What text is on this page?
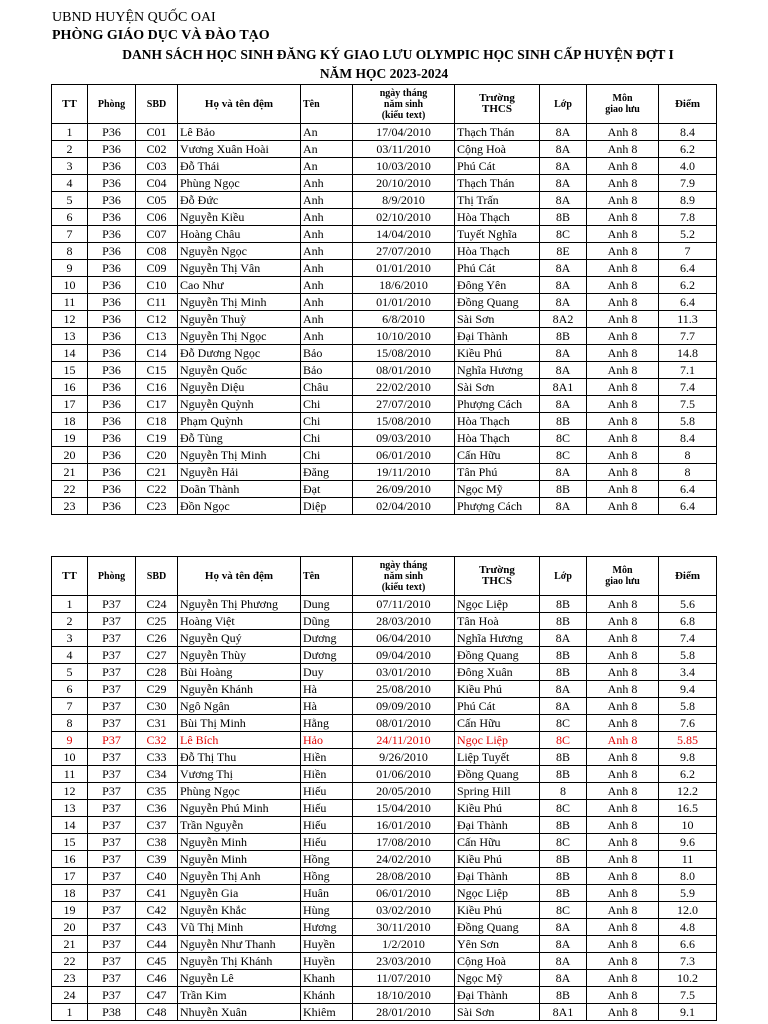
UBND HUYỆN QUỐC OAI
PHÒNG GIÁO DỤC VÀ ĐÀO TẠO
DANH SÁCH HỌC SINH ĐĂNG KÝ GIAO LƯU OLYMPIC HỌC SINH CẤP HUYỆN ĐỢT I
NĂM HỌC 2023-2024
TT	Phòng	SBD	Họ và tên đệm	Tên	ngày tháng
năm sinh
(kiểu text)	Trường
THCS	Lớp	Môn
giao lưu	Điểm
1	P36	C01	Lê Bảo	An	17/04/2010	Thạch Thán	8A	Anh 8	8.4
2	P36	C02	Vương Xuân Hoài	An	03/11/2010	Cộng Hoà	8A	Anh 8	6.2
3	P36	C03	Đỗ Thái	An	10/03/2010	Phú Cát	8A	Anh 8	4.0
4	P36	C04	Phùng Ngọc	Anh	20/10/2010	Thạch Thán	8A	Anh 8	7.9
5	P36	C05	Đỗ Đức	Anh	8/9/2010	Thị Trấn	8A	Anh 8	8.9
6	P36	C06	Nguyễn Kiều	Anh	02/10/2010	Hòa Thạch	8B	Anh 8	7.8
7	P36	C07	Hoàng Châu	Anh	14/04/2010	Tuyết Nghĩa	8C	Anh 8	5.2
8	P36	C08	Nguyễn Ngọc	Anh	27/07/2010	Hòa Thạch	8E	Anh 8	7
9	P36	C09	Nguyễn Thị Vân	Anh	01/01/2010	Phú Cát	8A	Anh 8	6.4
10	P36	C10	Cao Như	Anh	18/6/2010	Đông Yên	8A	Anh 8	6.2
11	P36	C11	Nguyễn Thị Minh	Anh	01/01/2010	Đồng Quang	8A	Anh 8	6.4
12	P36	C12	Nguyễn Thuỳ	Anh	6/8/2010	Sài Sơn	8A2	Anh 8	11.3
13	P36	C13	Nguyễn Thị Ngọc	Anh	10/10/2010	Đại Thành	8B	Anh 8	7.7
14	P36	C14	Đỗ Dương Ngọc	Bảo	15/08/2010	Kiều Phú	8A	Anh 8	14.8
15	P36	C15	Nguyễn Quốc	Bảo	08/01/2010	Nghĩa Hương	8A	Anh 8	7.1
16	P36	C16	Nguyễn Diệu	Châu	22/02/2010	Sài Sơn	8A1	Anh 8	7.4
17	P36	C17	Nguyễn Quỳnh	Chi	27/07/2010	Phượng Cách	8A	Anh 8	7.5
18	P36	C18	Phạm Quỳnh	Chi	15/08/2010	Hòa Thạch	8B	Anh 8	5.8
19	P36	C19	Đỗ Tùng	Chi	09/03/2010	Hòa Thạch	8C	Anh 8	8.4
20	P36	C20	Nguyễn Thị Minh	Chi	06/01/2010	Cấn Hữu	8C	Anh 8	8
21	P36	C21	Nguyễn Hải	Đăng	19/11/2010	Tân Phú	8A	Anh 8	8
22	P36	C22	Doãn Thành	Đạt	26/09/2010	Ngọc Mỹ	8B	Anh 8	6.4
23	P36	C23	Đồn Ngọc	Diệp	02/04/2010	Phượng Cách	8A	Anh 8	6.4
TT	Phòng	SBD	Họ và tên đệm	Tên	ngày tháng
năm sinh
(kiểu text)	Trường
THCS	Lớp	Môn
giao lưu	Điểm
1	P37	C24	Nguyễn Thị Phương	Dung	07/11/2010	Ngọc Liệp	8B	Anh 8	5.6
2	P37	C25	Hoàng Việt	Dũng	28/03/2010	Tân Hoà	8B	Anh 8	6.8
3	P37	C26	Nguyễn Quý	Dương	06/04/2010	Nghĩa Hương	8A	Anh 8	7.4
4	P37	C27	Nguyễn Thùy	Dương	09/04/2010	Đồng Quang	8B	Anh 8	5.8
5	P37	C28	Bùi Hoàng	Duy	03/01/2010	Đông Xuân	8B	Anh 8	3.4
6	P37	C29	Nguyễn Khánh	Hà	25/08/2010	Kiều Phú	8A	Anh 8	9.4
7	P37	C30	Ngô Ngân	Hà	09/09/2010	Phú Cát	8A	Anh 8	5.8
8	P37	C31	Bùi Thị Minh	Hằng	08/01/2010	Cấn Hữu	8C	Anh 8	7.6
9	P37	C32	Lê Bích	Hảo	24/11/2010	Ngọc Liệp	8C	Anh 8	5.85
10	P37	C33	Đỗ Thị Thu	Hiền	9/26/2010	Liệp Tuyết	8B	Anh 8	9.8
11	P37	C34	Vương Thị	Hiền	01/06/2010	Đồng Quang	8B	Anh 8	6.2
12	P37	C35	Phùng Ngọc	Hiếu	20/05/2010	Spring Hill	8	Anh 8	12.2
13	P37	C36	Nguyễn Phú Minh	Hiếu	15/04/2010	Kiều Phú	8C	Anh 8	16.5
14	P37	C37	Trần Nguyễn	Hiếu	16/01/2010	Đại Thành	8B	Anh 8	10
15	P37	C38	Nguyễn Minh	Hiếu	17/08/2010	Cấn Hữu	8C	Anh 8	9.6
16	P37	C39	Nguyễn Minh	Hồng	24/02/2010	Kiều Phú	8B	Anh 8	11
17	P37	C40	Nguyễn Thị Anh	Hồng	28/08/2010	Đại Thành	8B	Anh 8	8.0
18	P37	C41	Nguyễn Gia	Huân	06/01/2010	Ngọc Liệp	8B	Anh 8	5.9
19	P37	C42	Nguyễn Khắc	Hùng	03/02/2010	Kiều Phú	8C	Anh 8	12.0
20	P37	C43	Vũ Thị Minh	Hương	30/11/2010	Đồng Quang	8A	Anh 8	4.8
21	P37	C44	Nguyễn Như Thanh	Huyền	1/2/2010	Yên Sơn	8A	Anh 8	6.6
22	P37	C45	Nguyễn Thị Khánh	Huyền	23/03/2010	Cộng Hoà	8A	Anh 8	7.3
23	P37	C46	Nguyễn Lê	Khanh	11/07/2010	Ngọc Mỹ	8A	Anh 8	10.2
24	P37	C47	Trần Kim	Khánh	18/10/2010	Đại Thành	8B	Anh 8	7.5
1	P38	C48	Nhuyễn Xuân	Khiêm	28/01/2010	Sài Sơn	8A1	Anh 8	9.1
